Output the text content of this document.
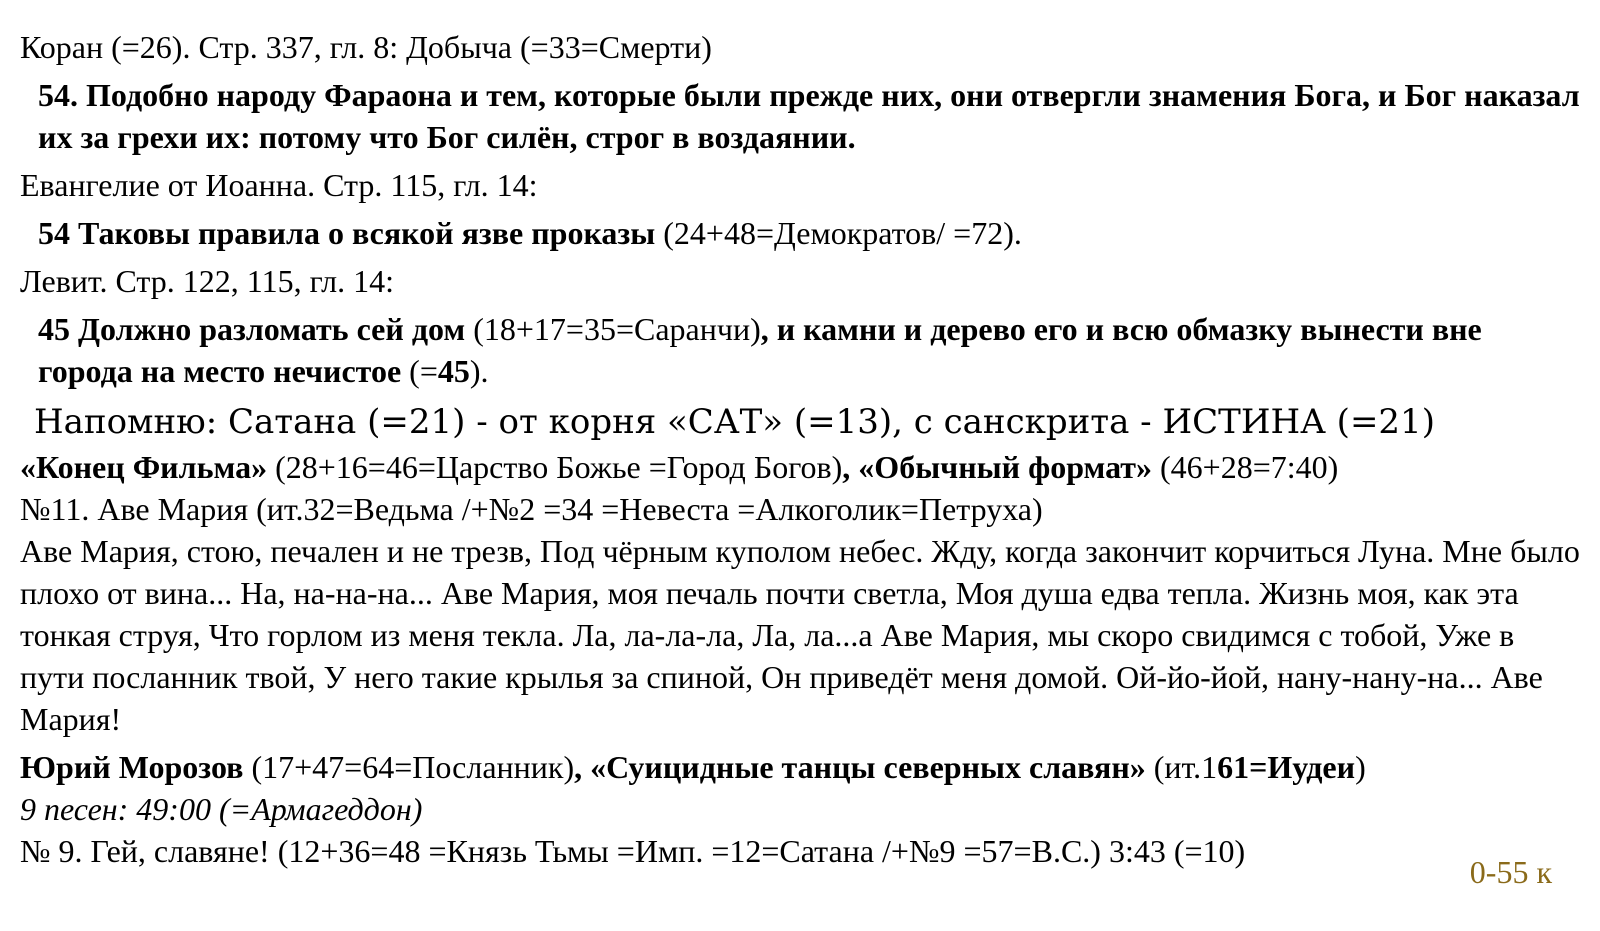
Коран (=26). Стр. 337, гл. 8: Добыча (=33=Смерти)
54. Подобно народу Фараона и тем, которые были прежде них, они отвергли знамения Бога, и Бог наказал их за грехи их: потому что Бог силён, строг в воздаянии.
Евангелие от Иоанна. Стр. 115, гл. 14:
54 Таковы правила о всякой язве проказы (24+48=Демократов/ =72).
Левит. Стр. 122, 115, гл. 14:
45 Должно разломать сей дом (18+17=35=Саранчи), и камни и дерево его и всю обмазку вынести вне города на место нечистое (=45).
Напомню: Сатана (=21) - от корня «САТ» (=13), с санскрита - ИСТИНА (=21)
«Конец Фильма» (28+16=46=Царство Божье =Город Богов), «Обычный формат» (46+28=7:40)
№11. Аве Мария (ит.32=Ведьма /+№2 =34 =Невеста =Алкоголик=Петруха)
Аве Мария, стою, печален и не трезв, Под чёрным куполом небес. Жду, когда закончит корчиться Луна. Мне было плохо от вина... На, на-на-на... Аве Мария, моя печаль почти светла, Моя душа едва тепла. Жизнь моя, как эта тонкая струя, Что горлом из меня текла. Ла, ла-ла-ла, Ла, ла...а Аве Мария, мы скоро свидимся с тобой, Уже в пути посланник твой, У него такие крылья за спиной, Он приведёт меня домой. Ой-йо-йой, нану-нану-на... Аве Мария!
Юрий Морозов (17+47=64=Посланник), «Суицидные танцы северных славян» (ит.161=Иудеи)
9 песен: 49:00 (=Армагеддон)
№ 9. Гей, славяне! (12+36=48 =Князь Тьмы =Имп. =12=Сатана /+№9 =57=В.С.) 3:43 (=10)
0-55 к
